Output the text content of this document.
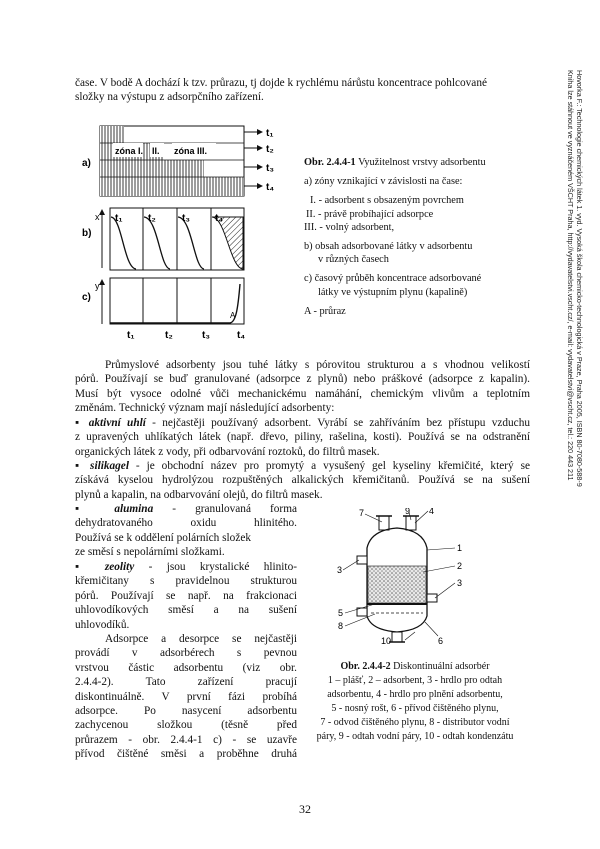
čase. V bodě A dochází k tzv. průrazu, tj dojde k rychlému nárůstu koncentrace pohlcované
složky na výstupu z adsorpčního zařízení.	Hovorka F.: Technologie chemických látek 1. vyd. Vysoká škola chemicko-technologická v Praze, Praha 2005, ISBN 80-7080-588-9
Kniha lze stáhnout ve vyznáčeném VŠCHT Praha, http://vydavatelstvi.vscht.cz/, e-mail: vydavatelstvi@vscht.cz, tel.: 220 443 211
zóna I. II. zóna III.
t₁
t₂
t₃
t₄
a)
b)
x t₁	t₂	t₃	t₄
c)
y
A
t₁	t₂	t₃	t₄
Obr. 2.4.4-1 Využitelnost vrstvy adsorbentu
a) zóny vznikající v závislosti na čase:
I. - adsorbent s obsazeným povrchem
II. - právě probíhající adsorpce
III. - volný adsorbent,
b) obsah adsorbované látky v adsorbentu
v různých časech
c) časový průběh koncentrace adsorbované
látky ve výstupním plynu (kapalině)
A - průraz
Průmyslové adsorbenty jsou tuhé látky s pórovitou strukturou a s vhodnou velikostí
pórů. Používají se buď granulované (adsorpce z plynů) nebo práškové (adsorpce z kapalin).
Musí být vysoce odolné vůči mechanickému namáhání, chemickým vlivům a teplotním
změnám. Technický význam mají následující adsorbenty:
▪ aktivní uhlí - nejčastěji používaný adsorbent. Vyrábí se zahříváním bez přístupu vzduchu
z upravených uhlíkatých látek (např. dřevo, piliny, rašelina, kosti). Používá se na odstranění
organických látek z vody, při odbarvování roztoků, do filtrů masek.
▪ silikagel - je obchodní název pro promytý a vysušený gel kyseliny křemičité, který se
získává kyselou hydrolýzou rozpuštěných alkalických křemičitanů. Používá se na sušení
plynů a kapalin, na odbarvování olejů, do filtrů masek.
▪ alumina - granulovaná forma
dehydratovaného oxidu hlinitého.
Používá se k oddělení polárních složek
ze směsí s nepolárními složkami.
▪ zeolity - jsou krystalické hlinito-
křemičitany s pravidelnou strukturou
pórů. Používají se např. na frakcionaci
uhlovodíkových směsí a na sušení
uhlovodíků.
Adsorpce a desorpce se nejčastěji
provádí v adsorbérech s pevnou
vrstvou částic adsorbentu (viz obr.
2.4.4-2). Tato zařízení pracují
diskontinuálně. V první fázi probíhá
adsorpce. Po nasycení adsorbentu
zachycenou složkou (těsně před
průrazem - obr. 2.4.4-1 c) - se uzavře
přívod čištěné směsi a proběhne druhá
7	9 4
1
2
3
3
5
8
10	6
Obr. 2.4.4-2 Diskontinuální adsorbér
1 – plášť, 2 – adsorbent, 3 - hrdlo pro odtah
adsorbentu, 4 - hrdlo pro plnění adsorbentu,
5 - nosný rošt, 6 - přívod čištěného plynu,
7 - odvod čištěného plynu, 8 - distributor vodní
páry, 9 - odtah vodní páry, 10 - odtah kondenzátu
32
